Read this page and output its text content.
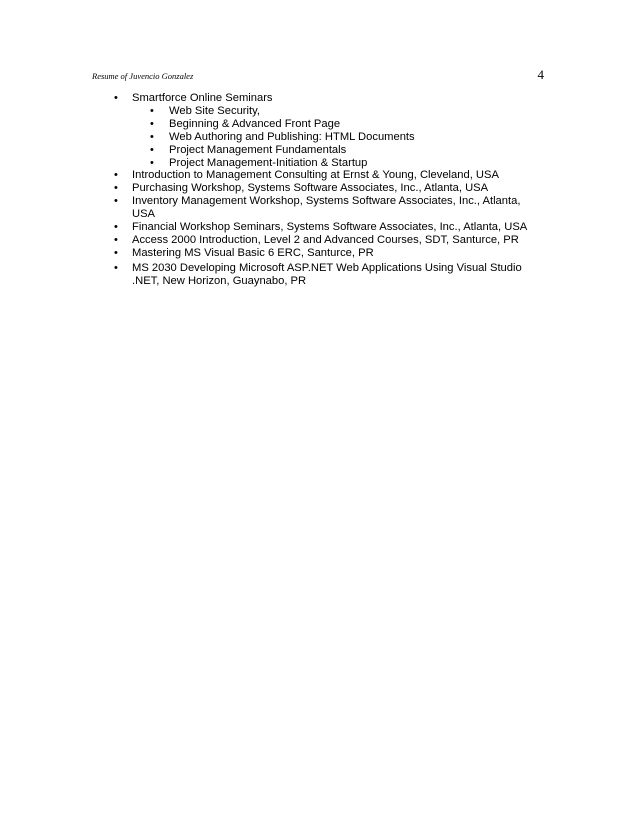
Resume of Juvencio Gonzalez	4
• Smartforce Online Seminars
• Web Site Security,
• Beginning & Advanced Front Page
• Web Authoring and Publishing: HTML Documents
• Project Management Fundamentals
• Project Management-Initiation & Startup
• Introduction to Management Consulting at Ernst & Young, Cleveland, USA
• Purchasing Workshop, Systems Software Associates, Inc., Atlanta, USA
• Inventory Management Workshop, Systems Software Associates, Inc., Atlanta, USA
• Financial Workshop Seminars, Systems Software Associates, Inc., Atlanta, USA
• Access 2000 Introduction, Level 2 and Advanced Courses, SDT, Santurce, PR
• Mastering MS Visual Basic 6 ERC, Santurce, PR
• MS 2030 Developing Microsoft ASP.NET Web Applications Using Visual Studio .NET, New Horizon, Guaynabo, PR
